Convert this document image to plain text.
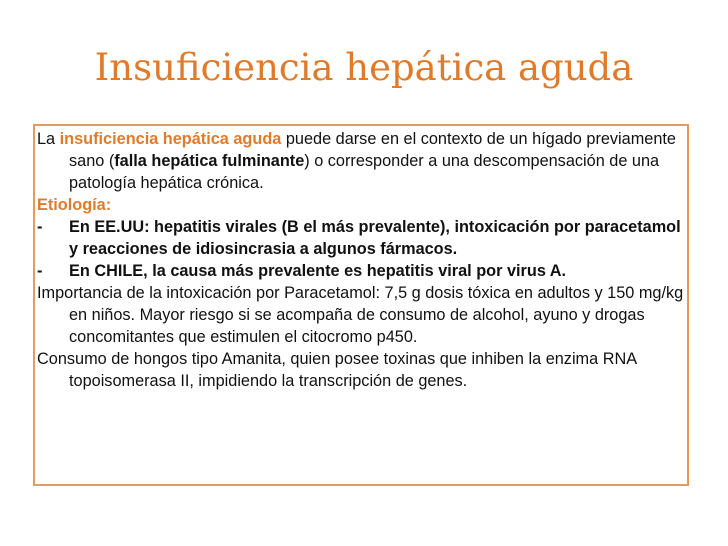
Insuficiencia hepática aguda

La insuficiencia hepática aguda puede darse en el contexto de un hígado previamente sano (falla hepática fulminante) o corresponder a una descompensación de una patología hepática crónica.

Etiología:

- En EE.UU: hepatitis virales (B el más prevalente), intoxicación por paracetamol y reacciones de idiosincrasia a algunos fármacos.

- En CHILE, la causa más prevalente es hepatitis viral por virus A.

Importancia de la intoxicación por Paracetamol: 7,5 g dosis tóxica en adultos y 150 mg/kg en niños. Mayor riesgo si se acompaña de consumo de alcohol, ayuno y drogas concomitantes que estimulen el citocromo p450.

Consumo de hongos tipo Amanita, quien posee toxinas que inhiben la enzima RNA topoisomerasa II, impidiendo la transcripción de genes.
